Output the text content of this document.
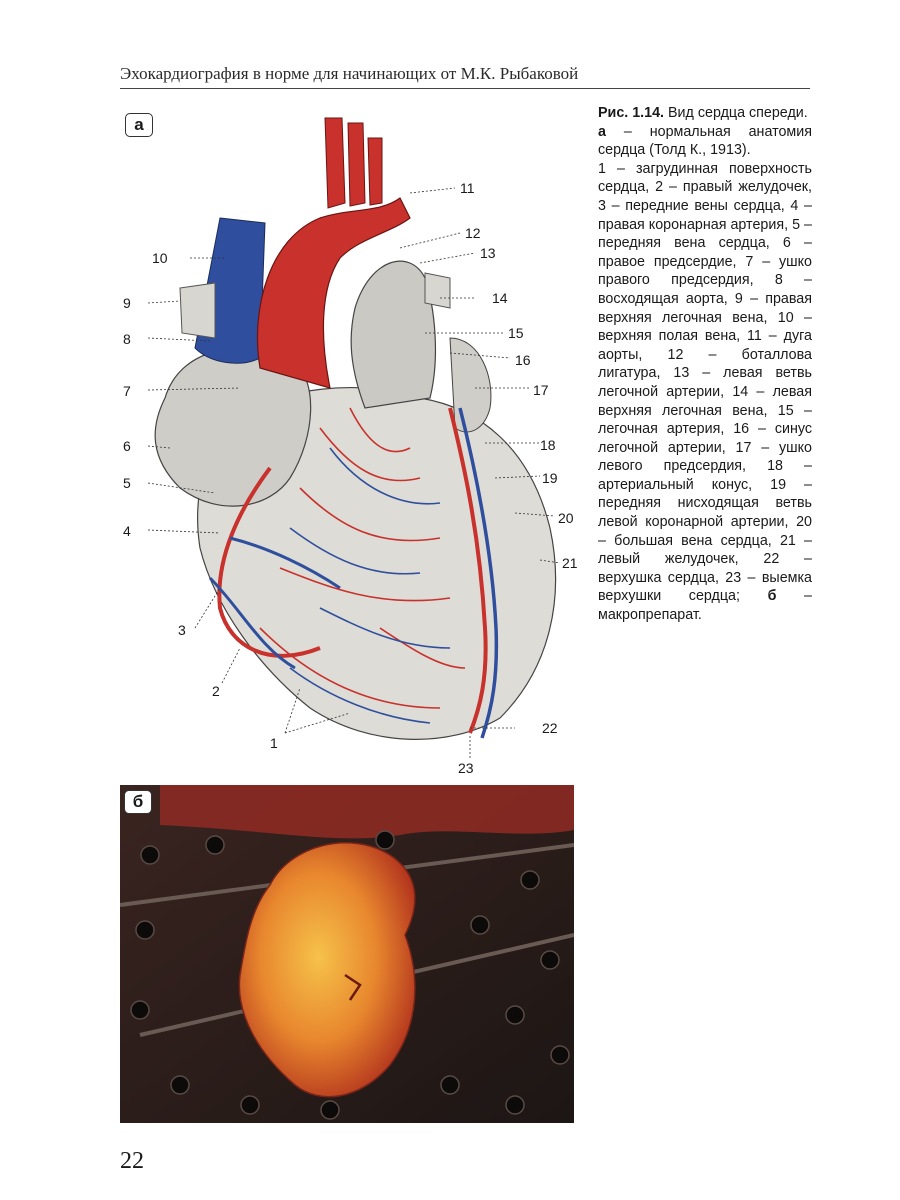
Эхокардиография в норме для начинающих от М.К. Рыбаковой
11
12
13
14
15
16
17
18
19
20
21
10
9
8
7
6
5
4
3
2
1
22
23
а

Рис. 1.14. Вид сердца спереди.

а – нормальная анатомия сердца (Толд К., 1913).

1 – загрудинная поверхность сердца, 2 – правый желудочек, 3 – передние вены сердца, 4 – правая коронарная артерия, 5 – передняя вена сердца, 6 – правое предсердие, 7 – ушко правого предсердия, 8 – восходящая аорта, 9 – правая верхняя легочная вена, 10 – верхняя полая вена, 11 – дуга аорты, 12 – боталлова лигатура, 13 – левая ветвь легочной артерии, 14 – левая верхняя легочная вена, 15 – легочная артерия, 16 – синус легочной артерии, 17 – ушко левого предсердия, 18 – артериальный конус, 19 – передняя нисходящая ветвь левой коронарной артерии, 20 – большая вена сердца, 21 – левый желудочек, 22 – верхушка сердца, 23 – выемка верхушки сердца; б – макропрепарат.

б
22
